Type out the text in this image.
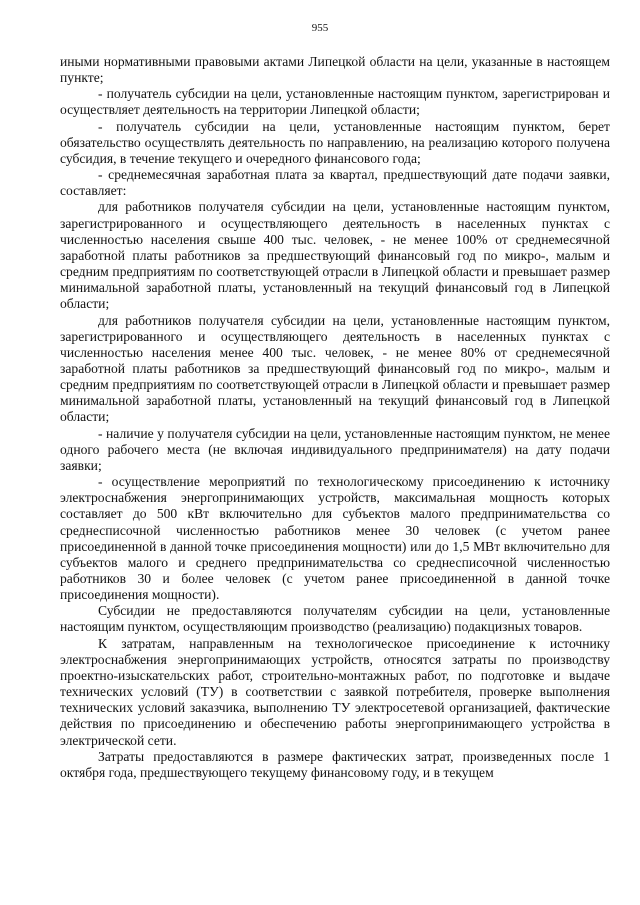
955

иными нормативными правовыми актами Липецкой области на цели, указанные в настоящем пункте;

- получатель субсидии на цели, установленные настоящим пунктом, зарегистрирован и осуществляет деятельность на территории Липецкой области;

- получатель субсидии на цели, установленные настоящим пунктом, берет обязательство осуществлять деятельность по направлению, на реализацию которого получена субсидия, в течение текущего и очередного финансового года;

- среднемесячная заработная плата за квартал, предшествующий дате подачи заявки, составляет:

для работников получателя субсидии на цели, установленные настоящим пунктом, зарегистрированного и осуществляющего деятельность в населенных пунктах с численностью населения свыше 400 тыс. человек, - не менее 100% от среднемесячной заработной платы работников за предшествующий финансовый год по микро-, малым и средним предприятиям по соответствующей отрасли в Липецкой области и превышает размер минимальной заработной платы, установленный на текущий финансовый год в Липецкой области;

для работников получателя субсидии на цели, установленные настоящим пунктом, зарегистрированного и осуществляющего деятельность в населенных пунктах с численностью населения менее 400 тыс. человек, - не менее 80% от среднемесячной заработной платы работников за предшествующий финансовый год по микро-, малым и средним предприятиям по соответствующей отрасли в Липецкой области и превышает размер минимальной заработной платы, установленный на текущий финансовый год в Липецкой области;

- наличие у получателя субсидии на цели, установленные настоящим пунктом, не менее одного рабочего места (не включая индивидуального предпринимателя) на дату подачи заявки;

- осуществление мероприятий по технологическому присоединению к источнику электроснабжения энергопринимающих устройств, максимальная мощность которых составляет до 500 кВт включительно для субъектов малого предпринимательства со среднесписочной численностью работников менее 30 человек (с учетом ранее присоединенной в данной точке присоединения мощности) или до 1,5 МВт включительно для субъектов малого и среднего предпринимательства со среднесписочной численностью работников 30 и более человек (с учетом ранее присоединенной в данной точке присоединения мощности).

Субсидии не предоставляются получателям субсидии на цели, установленные настоящим пунктом, осуществляющим производство (реализацию) подакцизных товаров.

К затратам, направленным на технологическое присоединение к источнику электроснабжения энергопринимающих устройств, относятся затраты по производству проектно-изыскательских работ, строительно-монтажных работ, по подготовке и выдаче технических условий (ТУ) в соответствии с заявкой потребителя, проверке выполнения технических условий заказчика, выполнению ТУ электросетевой организацией, фактические действия по присоединению и обеспечению работы энергопринимающего устройства в электрической сети.

Затраты предоставляются в размере фактических затрат, произведенных после 1 октября года, предшествующего текущему финансовому году, и в текущем
